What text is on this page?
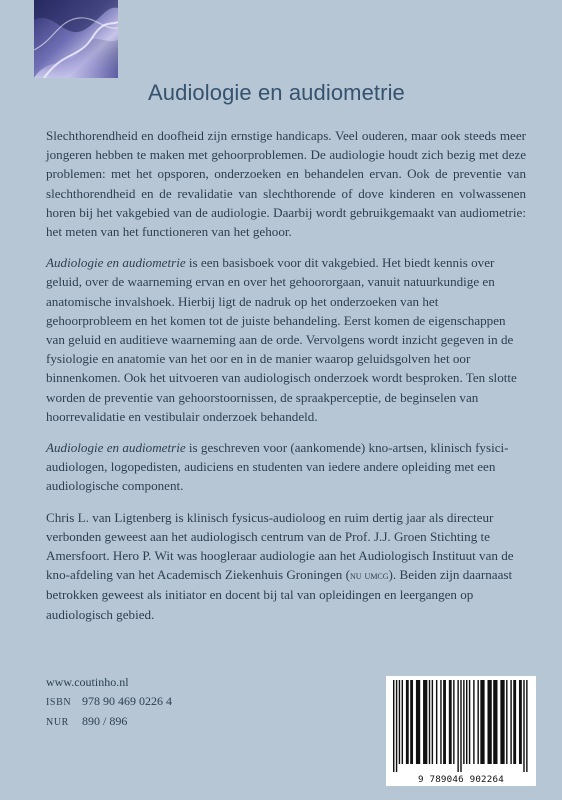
Audiologie en audiometrie

Slechthorendheid en doofheid zijn ernstige handicaps. Veel ouderen, maar ook steeds meer jongeren hebben te maken met gehoorproblemen. De audiologie houdt zich bezig met deze problemen: met het opsporen, onderzoeken en behandelen ervan. Ook de preventie van slechthorendheid en de revalidatie van slechthorende of dove kinderen en volwassenen horen bij het vakgebied van de audiologie. Daarbij wordt gebruikgemaakt van audiometrie: het meten van het functioneren van het gehoor.

Audiologie en audiometrie is een basisboek voor dit vakgebied. Het biedt kennis over geluid, over de waarneming ervan en over het gehoororgaan, vanuit natuurkundige en anatomische invalshoek. Hierbij ligt de nadruk op het onderzoeken van het gehoorprobleem en het komen tot de juiste behandeling. Eerst komen de eigenschappen van geluid en auditieve waarneming aan de orde. Vervolgens wordt inzicht gegeven in de fysiologie en anatomie van het oor en in de manier waarop geluidsgolven het oor binnenkomen. Ook het uitvoeren van audiologisch onderzoek wordt besproken. Ten slotte worden de preventie van gehoorstoornissen, de spraakperceptie, de beginselen van hoorrevalidatie en vestibulair onderzoek behandeld.

Audiologie en audiometrie is geschreven voor (aankomende) kno-artsen, klinisch fysici-audiologen, logopedisten, audiciens en studenten van iedere andere opleiding met een audiologische component.

Chris L. van Ligtenberg is klinisch fysicus-audioloog en ruim dertig jaar als directeur verbonden geweest aan het audiologisch centrum van de Prof. J.J. Groen Stichting te Amersfoort. Hero P. Wit was hoogleraar audiologie aan het Audiologisch Instituut van de kno-afdeling van het Academisch Ziekenhuis Groningen (nu umcg). Beiden zijn daarnaast betrokken geweest als initiator en docent bij tal van opleidingen en leergangen op audiologisch gebied.

www.coutinho.nl
ISBN 978 90 469 0226 4
NUR 890 / 896
9 789046 902264
